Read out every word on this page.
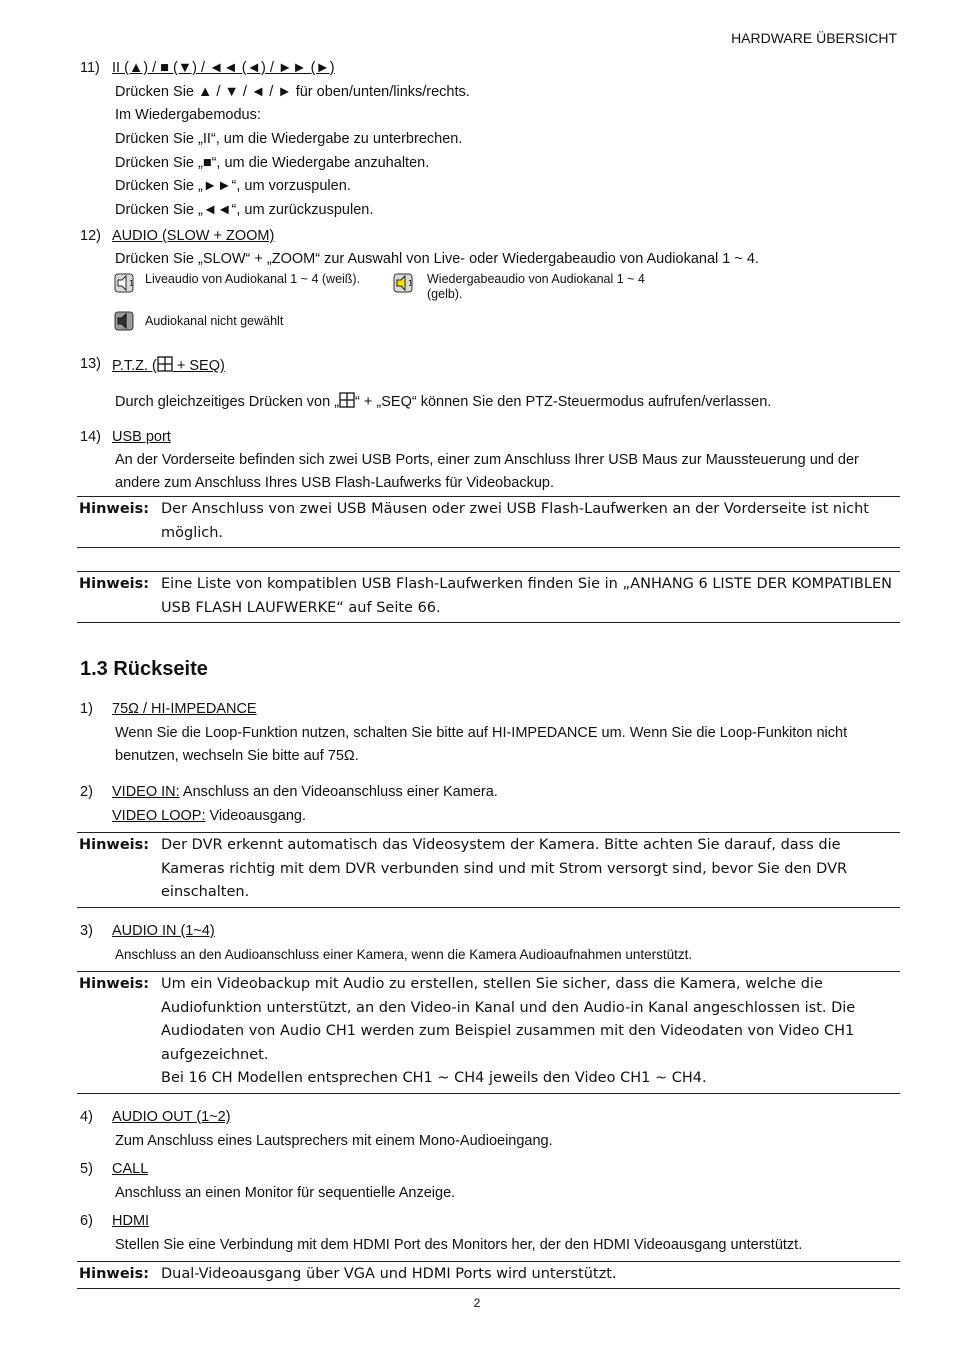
HARDWARE ÜBERSICHT
11) II (▲) / ■ (▼) / ◄◄ (◄) / ►► (►)
Drücken Sie ▲ / ▼ / ◄ / ► für oben/unten/links/rechts.
Im Wiedergabemodus:
Drücken Sie „II“, um die Wiedergabe zu unterbrechen.
Drücken Sie „■“, um die Wiedergabe anzuhalten.
Drücken Sie „►►“, um vorzuspulen.
Drücken Sie „◄◄“, um zurückzuspulen.
12) AUDIO (SLOW + ZOOM)
Drücken Sie „SLOW“ + „ZOOM“ zur Auswahl von Live- oder Wiedergabeaudio von Audiokanal 1 ~ 4.
1 Liveaudio von Audiokanal 1 ~ 4 (weiß).	1 Wiedergabeaudio von Audiokanal 1 ~ 4
(gelb).
Audiokanal nicht gewählt
13) P.T.Z. ( + SEQ)
Durch gleichzeitiges Drücken von „ “ + „SEQ“ können Sie den PTZ-Steuermodus aufrufen/verlassen.
14) USB port
An der Vorderseite befinden sich zwei USB Ports, einer zum Anschluss Ihrer USB Maus zur Maussteuerung und der andere zum Anschluss Ihres USB Flash-Laufwerks für Videobackup.
Hinweis: Der Anschluss von zwei USB Mäusen oder zwei USB Flash-Laufwerken an der Vorderseite ist nicht möglich.
Hinweis: Eine Liste von kompatiblen USB Flash-Laufwerken finden Sie in „ANHANG 6 LISTE DER KOMPATIBLEN USB FLASH LAUFWERKE“ auf Seite 66.
1.3 Rückseite
1) 75Ω / HI-IMPEDANCE
Wenn Sie die Loop-Funktion nutzen, schalten Sie bitte auf HI-IMPEDANCE um. Wenn Sie die Loop-Funkiton nicht benutzen, wechseln Sie bitte auf 75Ω.
2) VIDEO IN: Anschluss an den Videoanschluss einer Kamera.
VIDEO LOOP: Videoausgang.
Hinweis: Der DVR erkennt automatisch das Videosystem der Kamera. Bitte achten Sie darauf, dass die Kameras richtig mit dem DVR verbunden sind und mit Strom versorgt sind, bevor Sie den DVR einschalten.
3) AUDIO IN (1~4)
Anschluss an den Audioanschluss einer Kamera, wenn die Kamera Audioaufnahmen unterstützt.
Hinweis: Um ein Videobackup mit Audio zu erstellen, stellen Sie sicher, dass die Kamera, welche die Audiofunktion unterstützt, an den Video-in Kanal und den Audio-in Kanal angeschlossen ist. Die Audiodaten von Audio CH1 werden zum Beispiel zusammen mit den Videodaten von Video CH1 aufgezeichnet.
Bei 16 CH Modellen entsprechen CH1 ~ CH4 jeweils den Video CH1 ~ CH4.
4) AUDIO OUT (1~2)
Zum Anschluss eines Lautsprechers mit einem Mono-Audioeingang.
5) CALL
Anschluss an einen Monitor für sequentielle Anzeige.
6) HDMI
Stellen Sie eine Verbindung mit dem HDMI Port des Monitors her, der den HDMI Videoausgang unterstützt.
Hinweis: Dual-Videoausgang über VGA und HDMI Ports wird unterstützt.
2
